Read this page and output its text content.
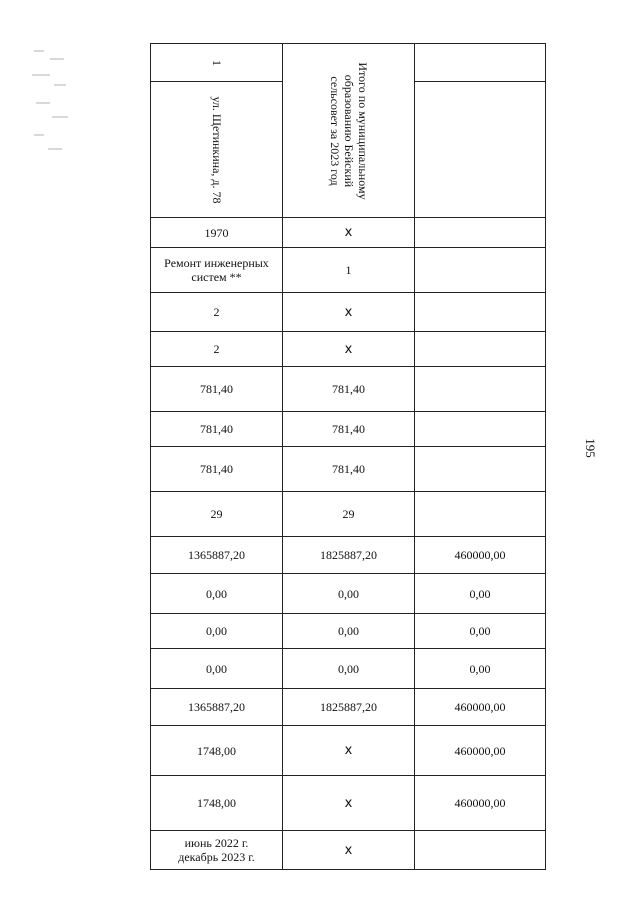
195
1	Итого по муниципальному образованию Бейский сельсовет за 2023 год	

ул. Щетинкина, д. 78		

1970	x	
Ремонт инженерных систем **	1	
2	x	
2	x	
781,40	781,40	
781,40	781,40	
781,40	781,40	
29	29	
1365887,20	1825887,20	460000,00
0,00	0,00	0,00
0,00	0,00	0,00
0,00	0,00	0,00
1365887,20	1825887,20	460000,00
1748,00	x	460000,00
1748,00	x	460000,00
июнь 2022 г. декабрь 2023 г.	x	
